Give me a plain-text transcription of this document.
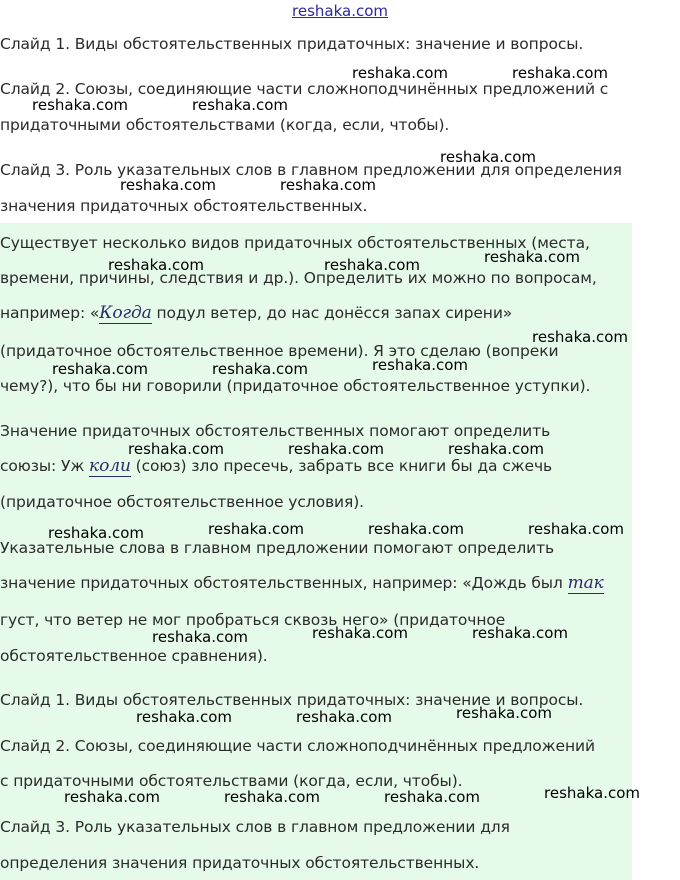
reshaka.com
Слайд 1. Виды обстоятельственных придаточных: значение и вопросы.
Слайд 2. Союзы, соединяющие части сложноподчинённых предложений с
придаточными обстоятельствами (когда, если, чтобы).
Слайд 3. Роль указательных слов в главном предложении для определения
значения придаточных обстоятельственных.
Существует несколько видов придаточных обстоятельственных (места,
времени, причины, следствия и др.). Определить их можно по вопросам,
например: «Когда подул ветер, до нас донёсся запах сирени»
(придаточное обстоятельственное времени). Я это сделаю (вопреки
чему?), что бы ни говорили (придаточное обстоятельственное уступки).
Значение придаточных обстоятельственных помогают определить
союзы: Уж коли (союз) зло пресечь, забрать все книги бы да сжечь
(придаточное обстоятельственное условия).
Указательные слова в главном предложении помогают определить
значение придаточных обстоятельственных, например: «Дождь был так
густ, что ветер не мог пробраться сквозь него» (придаточное
обстоятельственное сравнения).
Слайд 1. Виды обстоятельственных придаточных: значение и вопросы.
Слайд 2. Союзы, соединяющие части сложноподчинённых предложений
с придаточными обстоятельствами (когда, если, чтобы).
Слайд 3. Роль указательных слов в главном предложении для
определения значения придаточных обстоятельственных.
reshaka.com	reshaka.com
reshaka.com	reshaka.com
reshaka.com
reshaka.com	reshaka.com
reshaka.com
reshaka.com	reshaka.com
reshaka.com
reshaka.com
reshaka.com	reshaka.com
reshaka.com	reshaka.com	reshaka.com
reshaka.com	reshaka.com	reshaka.com	reshaka.com
reshaka.com	reshaka.com
reshaka.com
reshaka.com
reshaka.com	reshaka.com
reshaka.com
reshaka.com	reshaka.com	reshaka.com
